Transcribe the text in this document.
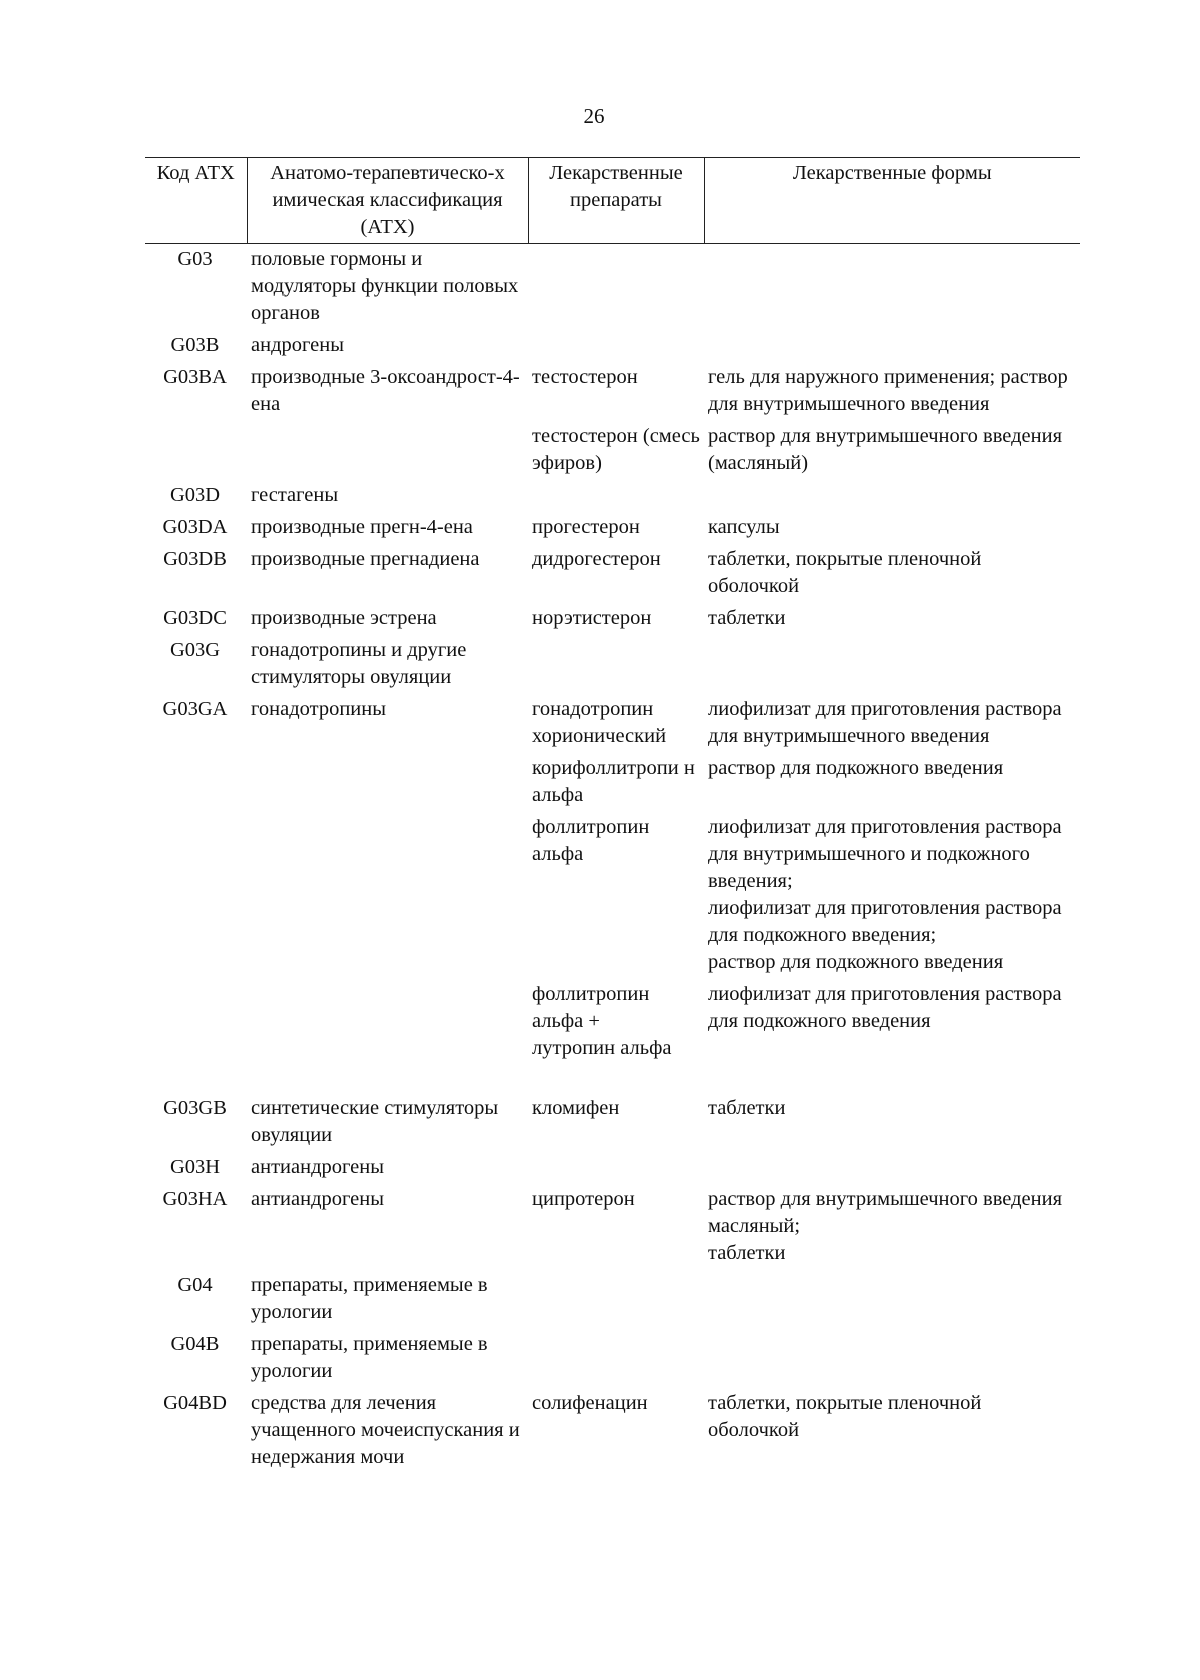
26
Код АТХ	Анатомо-терапевтическо-х имическая классификация (АТХ)	Лекарственные препараты	Лекарственные формы
G03	половые гормоны и модуляторы функции половых органов		
G03B	андрогены		
G03BA	производные 3-оксоандрост-4-ена	тестостерон	гель для наружного применения; раствор для внутримышечного введения
		тестостерон (смесь эфиров)	раствор для внутримышечного введения (масляный)
G03D	гестагены		
G03DA	производные прегн-4-ена	прогестерон	капсулы
G03DB	производные прегнадиена	дидрогестерон	таблетки, покрытые пленочной оболочкой
G03DC	производные эстрена	норэтистерон	таблетки
G03G	гонадотропины и другие стимуляторы овуляции		
G03GA	гонадотропины	гонадотропин хорионический	лиофилизат для приготовления раствора для внутримышечного введения
		корифоллитропи н альфа	раствор для подкожного введения
		фоллитропин альфа	лиофилизат для приготовления раствора для внутримышечного и подкожного введения;
лиофилизат для приготовления раствора для подкожного введения;
раствор для подкожного введения
		фоллитропин альфа +
лутропин альфа	лиофилизат для приготовления раствора для подкожного введения
G03GB	синтетические стимуляторы овуляции	кломифен	таблетки
G03H	антиандрогены		
G03HA	антиандрогены	ципротерон	раствор для внутримышечного введения масляный;
таблетки
G04	препараты, применяемые в урологии		
G04B	препараты, применяемые в урологии		
G04BD	средства для лечения учащенного мочеиспускания и недержания мочи	солифенацин	таблетки, покрытые пленочной оболочкой
